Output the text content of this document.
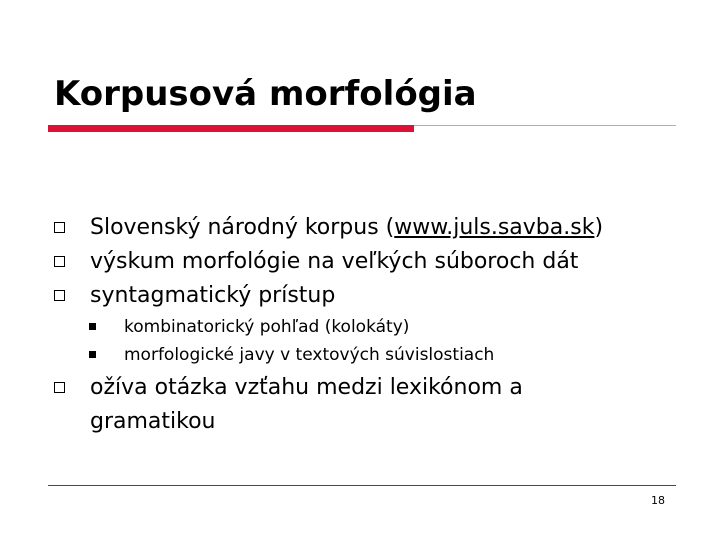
Korpusová morfológia
Slovenský národný korpus (www.juls.savba.sk)
výskum morfológie na veľkých súboroch dát
syntagmatický prístup
kombinatorický pohľad (kolokáty)
morfologické javy v textových súvislostiach
ožíva otázka vzťahu medzi lexikónom a
gramatikou
18
